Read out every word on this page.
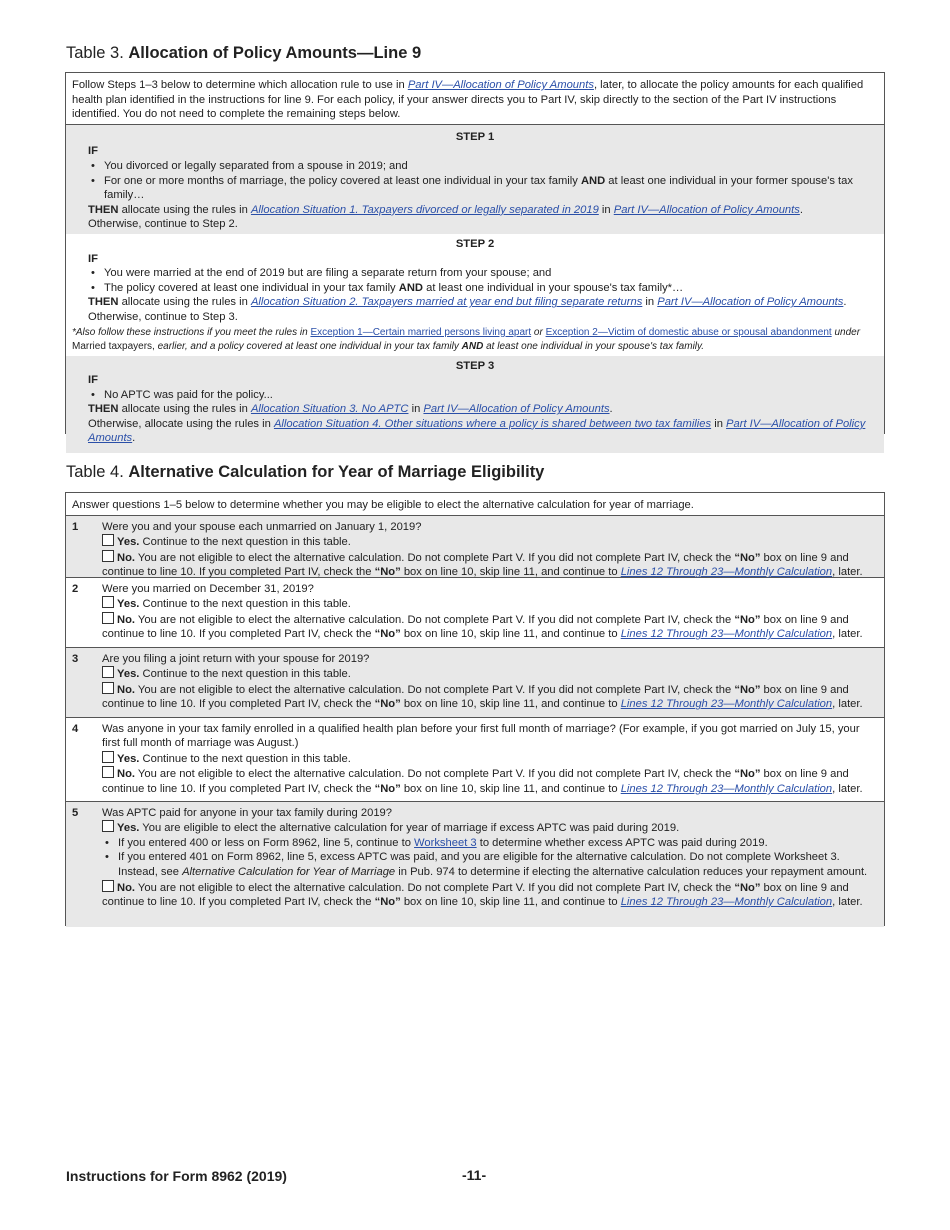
Table 3. Allocation of Policy Amounts—Line 9
Follow Steps 1–3 below to determine which allocation rule to use in Part IV—Allocation of Policy Amounts, later, to allocate the policy amounts for each qualified health plan identified in the instructions for line 9. For each policy, if your answer directs you to Part IV, skip directly to the section of the Part IV instructions identified. You do not need to complete the remaining steps below.

STEP 1

IF
• You divorced or legally separated from a spouse in 2019; and
• For one or more months of marriage, the policy covered at least one individual in your tax family AND at least one individual in your former spouse's tax family…
THEN allocate using the rules in Allocation Situation 1. Taxpayers divorced or legally separated in 2019 in Part IV—Allocation of Policy Amounts.
Otherwise, continue to Step 2.

STEP 2

IF
• You were married at the end of 2019 but are filing a separate return from your spouse; and
• The policy covered at least one individual in your tax family AND at least one individual in your spouse's tax family*…
THEN allocate using the rules in Allocation Situation 2. Taxpayers married at year end but filing separate returns in Part IV—Allocation of Policy Amounts.
Otherwise, continue to Step 3.
*Also follow these instructions if you meet the rules in Exception 1—Certain married persons living apart or Exception 2—Victim of domestic abuse or spousal abandonment under
Married taxpayers, earlier, and a policy covered at least one individual in your tax family AND at least one individual in your spouse's tax family.

STEP 3

IF
• No APTC was paid for the policy...
THEN allocate using the rules in Allocation Situation 3. No APTC in Part IV—Allocation of Policy Amounts.
Otherwise, allocate using the rules in Allocation Situation 4. Other situations where a policy is shared between two tax families in Part IV—Allocation of Policy Amounts.
Table 4. Alternative Calculation for Year of Marriage Eligibility
Answer questions 1–5 below to determine whether you may be eligible to elect the alternative calculation for year of marriage.
1	Were you and your spouse each unmarried on January 1, 2019?
Yes. Continue to the next question in this table.
No. You are not eligible to elect the alternative calculation. Do not complete Part V. If you did not complete Part IV, check the “No” box on line 9 and continue to line 10. If you completed Part IV, check the “No” box on line 10, skip line 11, and continue to Lines 12 Through 23—Monthly Calculation, later.
2	Were you married on December 31, 2019?
Yes. Continue to the next question in this table.
No. You are not eligible to elect the alternative calculation. Do not complete Part V. If you did not complete Part IV, check the “No” box on line 9 and continue to line 10. If you completed Part IV, check the “No” box on line 10, skip line 11, and continue to Lines 12 Through 23—Monthly Calculation, later.
3	Are you filing a joint return with your spouse for 2019?
Yes. Continue to the next question in this table.
No. You are not eligible to elect the alternative calculation. Do not complete Part V. If you did not complete Part IV, check the “No” box on line 9 and continue to line 10. If you completed Part IV, check the “No” box on line 10, skip line 11, and continue to Lines 12 Through 23—Monthly Calculation, later.
4	Was anyone in your tax family enrolled in a qualified health plan before your first full month of marriage? (For example, if you got married on July 15, your first full month of marriage was August.)
Yes. Continue to the next question in this table.
No. You are not eligible to elect the alternative calculation. Do not complete Part V. If you did not complete Part IV, check the “No” box on line 9 and continue to line 10. If you completed Part IV, check the “No” box on line 10, skip line 11, and continue to Lines 12 Through 23—Monthly Calculation, later.
5	Was APTC paid for anyone in your tax family during 2019?
Yes. You are eligible to elect the alternative calculation for year of marriage if excess APTC was paid during 2019.
• If you entered 400 or less on Form 8962, line 5, continue to Worksheet 3 to determine whether excess APTC was paid during 2019.
• If you entered 401 on Form 8962, line 5, excess APTC was paid, and you are eligible for the alternative calculation. Do not complete Worksheet 3. Instead, see Alternative Calculation for Year of Marriage in Pub. 974 to determine if electing the alternative calculation reduces your repayment amount.
No. You are not eligible to elect the alternative calculation. Do not complete Part V. If you did not complete Part IV, check the “No” box on line 9 and continue to line 10. If you completed Part IV, check the “No” box on line 10, skip line 11, and continue to Lines 12 Through 23—Monthly Calculation, later.
Instructions for Form 8962 (2019)	-11-
